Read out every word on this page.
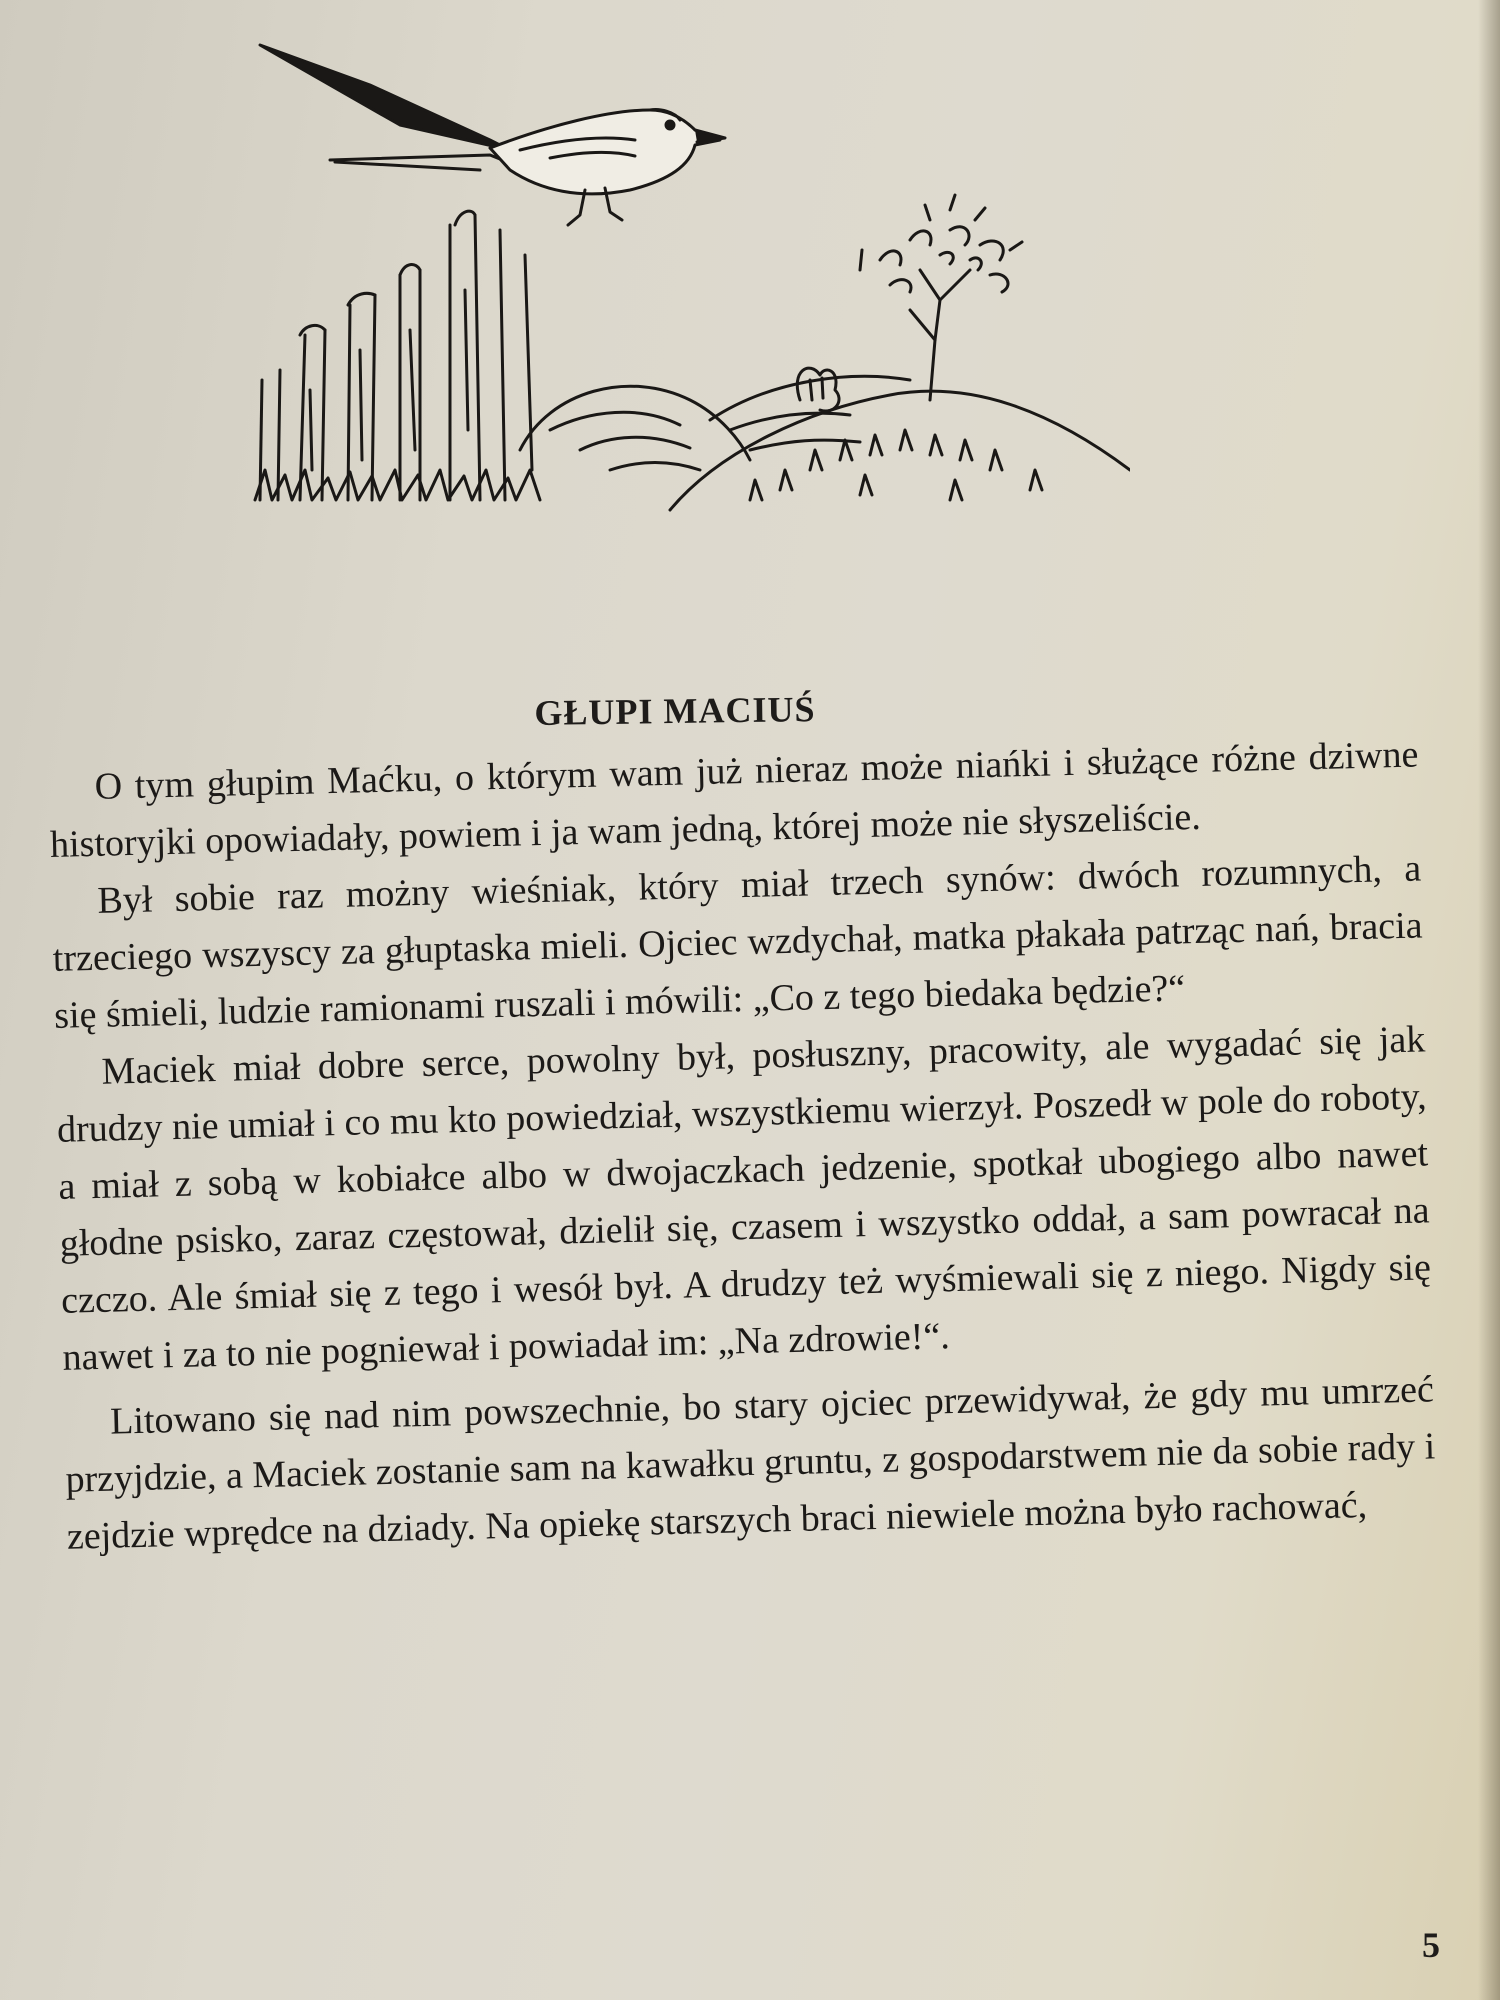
GŁUPI MACIUŚ

O tym głupim Maćku, o którym wam już nieraz może niańki i służące różne dziwne historyjki opowiadały, powiem i ja wam jedną, której może nie słyszeliście.

Był sobie raz możny wieśniak, który miał trzech synów: dwóch rozumnych, a trzeciego wszyscy za głuptaska mieli. Ojciec wzdychał, matka płakała patrząc nań, bracia się śmieli, ludzie ramionami ruszali i mówili: „Co z tego biedaka będzie?“

Maciek miał dobre serce, powolny był, posłuszny, pracowity, ale wygadać się jak drudzy nie umiał i co mu kto powiedział, wszystkiemu wierzył. Poszedł w pole do roboty, a miał z sobą w kobiałce albo w dwojaczkach jedzenie, spotkał ubogiego albo nawet głodne psisko, zaraz częstował, dzielił się, czasem i wszystko oddał, a sam powracał na czczo. Ale śmiał się z tego i wesół był. A drudzy też wyśmiewali się z niego. Nigdy się nawet i za to nie pogniewał i powiadał im: „Na zdrowie!“.

Litowano się nad nim powszechnie, bo stary ojciec przewidywał, że gdy mu umrzeć przyjdzie, a Maciek zostanie sam na kawałku gruntu, z gospodarstwem nie da sobie rady i zejdzie wprędce na dziady. Na opiekę starszych braci niewiele można było rachować,

5
